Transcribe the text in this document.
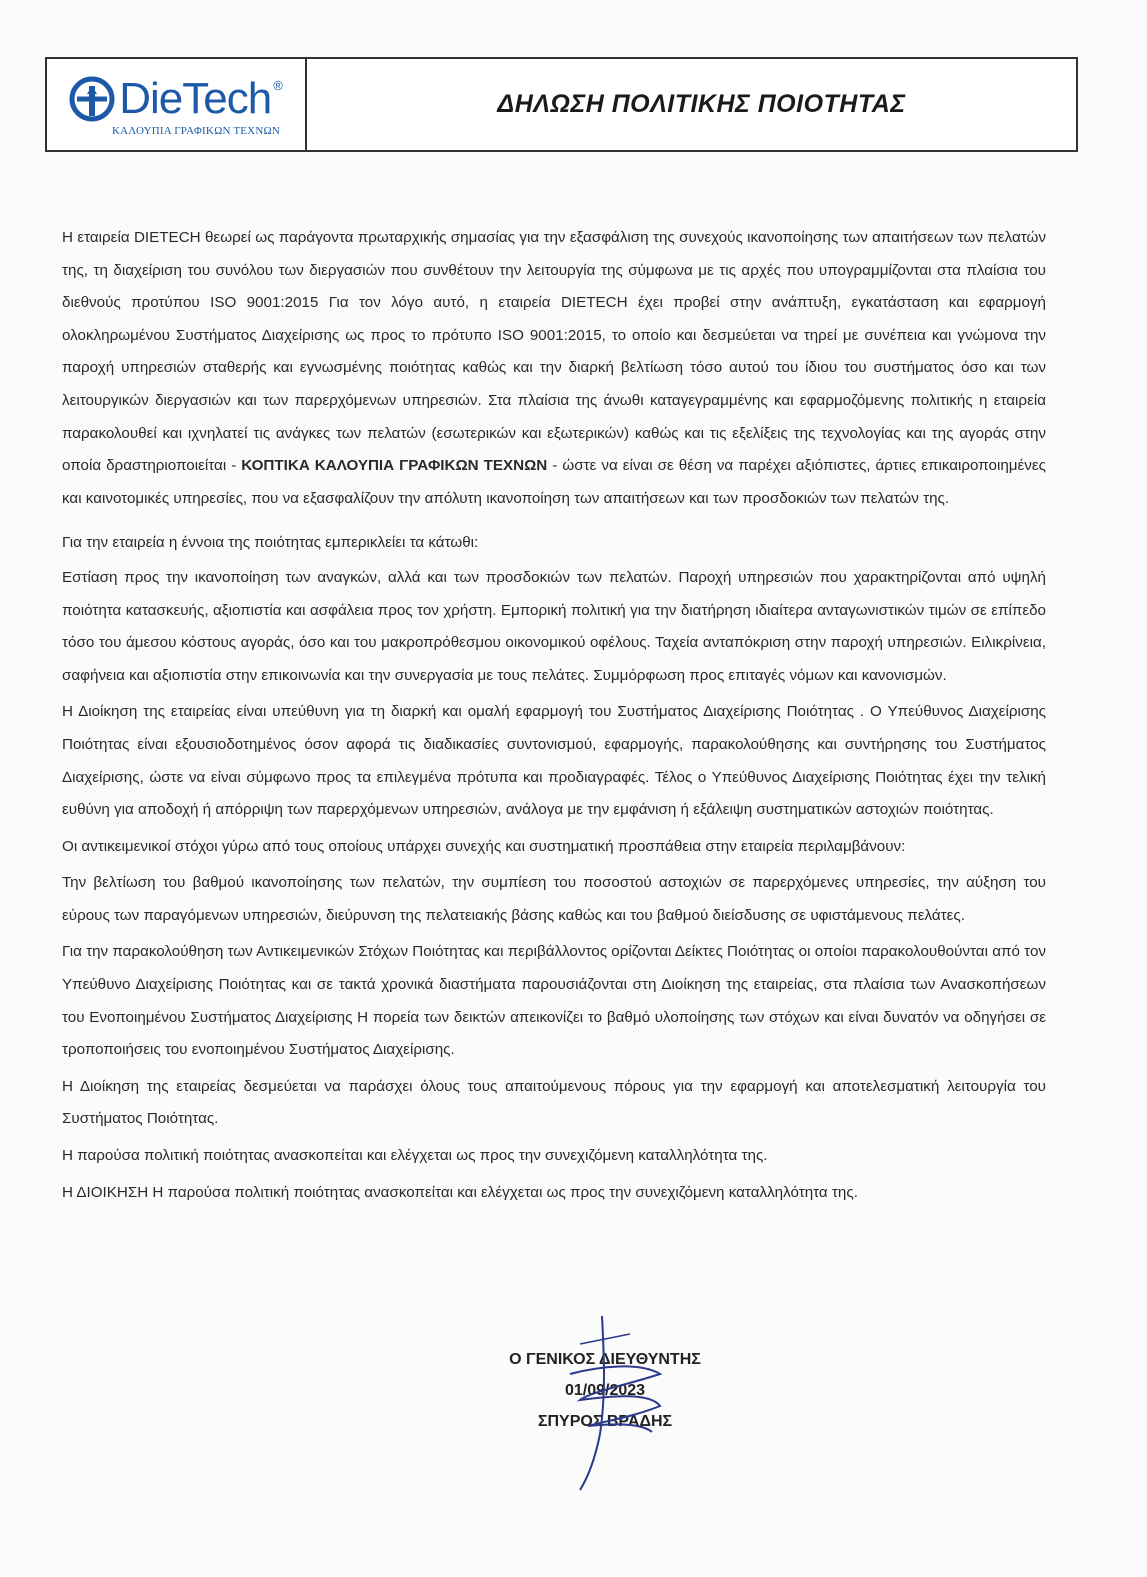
DieTech ®
ΚΑΛΟΥΠΙΑ ΓΡΑΦΙΚΩΝ ΤΕΧΝΩΝ
ΔΗΛΩΣΗ ΠΟΛΙΤΙΚΗΣ ΠΟΙΟΤΗΤΑΣ

Η εταιρεία DIETECH θεωρεί ως παράγοντα πρωταρχικής σημασίας για την εξασφάλιση της συνεχούς ικανοποίησης των απαιτήσεων των πελατών της, τη διαχείριση του συνόλου των διεργασιών που συνθέτουν την λειτουργία της σύμφωνα με τις αρχές που υπογραμμίζονται στα πλαίσια του διεθνούς προτύπου ISO 9001:2015 Για τον λόγο αυτό, η εταιρεία DIETECH έχει προβεί στην ανάπτυξη, εγκατάσταση και εφαρμογή ολοκληρωμένου Συστήματος Διαχείρισης ως προς το πρότυπο ISO 9001:2015, το οποίο και δεσμεύεται να τηρεί με συνέπεια και γνώμονα την παροχή υπηρεσιών σταθερής και εγνωσμένης ποιότητας καθώς και την διαρκή βελτίωση τόσο αυτού του ίδιου του συστήματος όσο και των λειτουργικών διεργασιών και των παρερχόμενων υπηρεσιών. Στα πλαίσια της άνωθι καταγεγραμμένης και εφαρμοζόμενης πολιτικής η εταιρεία παρακολουθεί και ιχνηλατεί τις ανάγκες των πελατών (εσωτερικών και εξωτερικών) καθώς και τις εξελίξεις της τεχνολογίας και της αγοράς στην οποία δραστηριοποιείται - ΚΟΠΤΙΚΑ ΚΑΛΟΥΠΙΑ ΓΡΑΦΙΚΩΝ ΤΕΧΝΩΝ - ώστε να είναι σε θέση να παρέχει αξιόπιστες, άρτιες επικαιροποιημένες και καινοτομικές υπηρεσίες, που να εξασφαλίζουν την απόλυτη ικανοποίηση των απαιτήσεων και των προσδοκιών των πελατών της.

Για την εταιρεία η έννοια της ποιότητας εμπερικλείει τα κάτωθι:

Εστίαση προς την ικανοποίηση των αναγκών, αλλά και των προσδοκιών των πελατών. Παροχή υπηρεσιών που χαρακτηρίζονται από υψηλή ποιότητα κατασκευής, αξιοπιστία και ασφάλεια προς τον χρήστη. Εμπορική πολιτική για την διατήρηση ιδιαίτερα ανταγωνιστικών τιμών σε επίπεδο τόσο του άμεσου κόστους αγοράς, όσο και του μακροπρόθεσμου οικονομικού οφέλους. Ταχεία ανταπόκριση στην παροχή υπηρεσιών. Ειλικρίνεια, σαφήνεια και αξιοπιστία στην επικοινωνία και την συνεργασία με τους πελάτες. Συμμόρφωση προς επιταγές νόμων και κανονισμών.

Η Διοίκηση της εταιρείας είναι υπεύθυνη για τη διαρκή και ομαλή εφαρμογή του Συστήματος Διαχείρισης Ποιότητας . Ο Υπεύθυνος Διαχείρισης Ποιότητας είναι εξουσιοδοτημένος όσον αφορά τις διαδικασίες συντονισμού, εφαρμογής, παρακολούθησης και συντήρησης του Συστήματος Διαχείρισης, ώστε να είναι σύμφωνο προς τα επιλεγμένα πρότυπα και προδιαγραφές. Τέλος ο Υπεύθυνος Διαχείρισης Ποιότητας έχει την τελική ευθύνη για αποδοχή ή απόρριψη των παρερχόμενων υπηρεσιών, ανάλογα με την εμφάνιση ή εξάλειψη συστηματικών αστοχιών ποιότητας.

Οι αντικειμενικοί στόχοι γύρω από τους οποίους υπάρχει συνεχής και συστηματική προσπάθεια στην εταιρεία περιλαμβάνουν:

Την βελτίωση του βαθμού ικανοποίησης των πελατών, την συμπίεση του ποσοστού αστοχιών σε παρερχόμενες υπηρεσίες, την αύξηση του εύρους των παραγόμενων υπηρεσιών, διεύρυνση της πελατειακής βάσης καθώς και του βαθμού διείσδυσης σε υφιστάμενους πελάτες.

Για την παρακολούθηση των Αντικειμενικών Στόχων Ποιότητας και περιβάλλοντος ορίζονται Δείκτες Ποιότητας οι οποίοι παρακολουθούνται από τον Υπεύθυνο Διαχείρισης Ποιότητας και σε τακτά χρονικά διαστήματα παρουσιάζονται στη Διοίκηση της εταιρείας, στα πλαίσια των Ανασκοπήσεων του Ενοποιημένου Συστήματος Διαχείρισης Η πορεία των δεικτών απεικονίζει το βαθμό υλοποίησης των στόχων και είναι δυνατόν να οδηγήσει σε τροποποιήσεις του ενοποιημένου Συστήματος Διαχείρισης.

Η Διοίκηση της εταιρείας δεσμεύεται να παράσχει όλους τους απαιτούμενους πόρους για την εφαρμογή και αποτελεσματική λειτουργία του Συστήματος Ποιότητας.

Η παρούσα πολιτική ποιότητας ανασκοπείται και ελέγχεται ως προς την συνεχιζόμενη καταλληλότητα της.

Η ΔΙΟΙΚΗΣΗ Η παρούσα πολιτική ποιότητας ανασκοπείται και ελέγχεται ως προς την συνεχιζόμενη καταλληλότητα της.

Ο ΓΕΝΙΚΟΣ ΔΙΕΥΘΥΝΤΗΣ
01/09/2023
ΣΠΥΡΟΣ ΒΡΑΔΗΣ
